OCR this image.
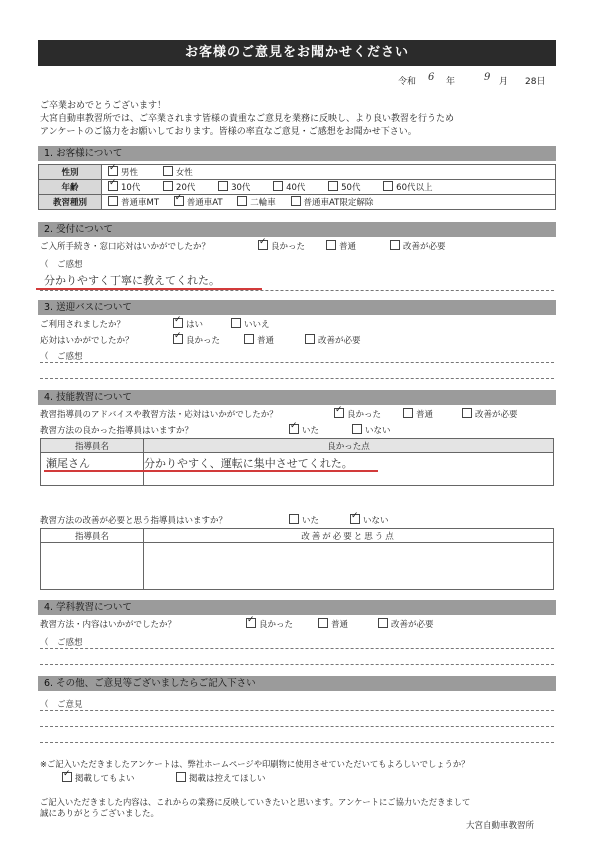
お客様のご意見をお聞かせください
令和 6 年	9 月 28日
ご卒業おめでとうございます！
大宮自動車教習所では、ご卒業されます皆様の貴重なご意見を業務に反映し、より良い教習を行うため
アンケートのご協力をお願いしております。皆様の率直なご意見・ご感想をお聞かせ下さい。
1. お客様について
性別	✓男性 女性
年齢	✓10代 20代 30代 40代 50代 60代以上
教習種別	普通車MT ✓ 普通車AT 二輪車 普通車AT限定解除
2. 受付について
ご入所手続き・窓口応対はいかがでしたか？ ✓	良かった	普通	改善が必要
（　ご感想
分かりやすく丁寧に教えてくれた。
3. 送迎バスについて
ご利用されましたか？ ✓	はい	いいえ
応対はいかがでしたか？ ✓	良かった	普通	改善が必要
（　ご感想
4. 技能教習について
教習指導員のアドバイスや教習方法・応対はいかがでしたか？ ✓	良かった	普通	改善が必要
教習方法の良かった指導員はいますか？ ✓	いた	いない
指導員名	良かった点

瀬尾さん	分かりやすく、運転に集中させてくれた。
教習方法の改善が必要と思う指導員はいますか？	いた ✓	いない
指導員名	改善が必要と思う点

4. 学科教習について
教習方法・内容はいかがでしたか？ ✓	良かった	普通	改善が必要
（　ご感想
6. その他、ご意見等ございましたらご記入下さい
（　ご意見
※ご記入いただきましたアンケートは、弊社ホームページや印刷物に使用させていただいてもよろしいでしょうか？
✓掲載してもよい	掲載は控えてほしい
ご記入いただきました内容は、これからの業務に反映していきたいと思います。アンケートにご協力いただきまして
誠にありがとうございました。
大宮自動車教習所
